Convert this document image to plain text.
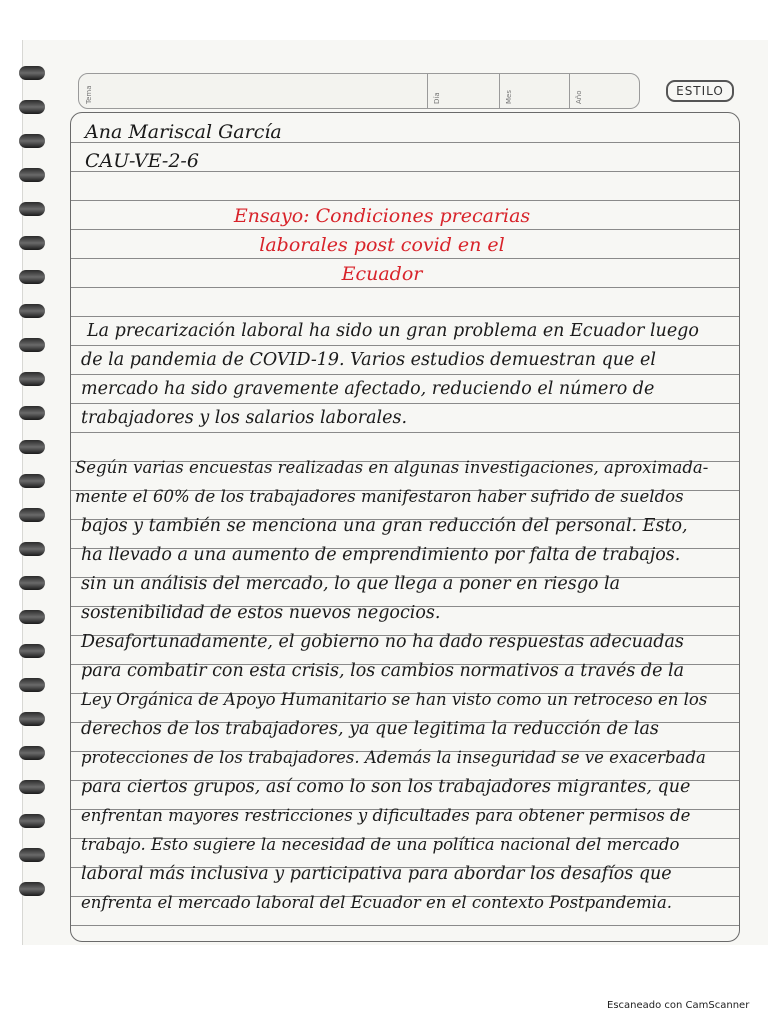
Tema	Día	Mes	Año	ESTILO
Ana Mariscal García
CAU-VE-2-6
Ensayo: Condiciones precarias
laborales post covid en el
Ecuador
La precarización laboral ha sido un gran problema en Ecuador luego
de la pandemia de COVID-19. Varios estudios demuestran que el
mercado ha sido gravemente afectado, reduciendo el número de
trabajadores y los salarios laborales.
Según varias encuestas realizadas en algunas investigaciones, aproximada-
mente el 60% de los trabajadores manifestaron haber sufrido de sueldos
bajos y también se menciona una gran reducción del personal. Esto,
ha llevado a una aumento de emprendimiento por falta de trabajos.
sin un análisis del mercado, lo que llega a poner en riesgo la
sostenibilidad de estos nuevos negocios.
Desafortunadamente, el gobierno no ha dado respuestas adecuadas
para combatir con esta crisis, los cambios normativos a través de la
Ley Orgánica de Apoyo Humanitario se han visto como un retroceso en los
derechos de los trabajadores, ya que legitima la reducción de las
protecciones de los trabajadores. Además la inseguridad se ve exacerbada
para ciertos grupos, así como lo son los trabajadores migrantes, que
enfrentan mayores restricciones y dificultades para obtener permisos de
trabajo. Esto sugiere la necesidad de una política nacional del mercado
laboral más inclusiva y participativa para abordar los desafíos que
enfrenta el mercado laboral del Ecuador en el contexto Postpandemia.
Escaneado con CamScanner
